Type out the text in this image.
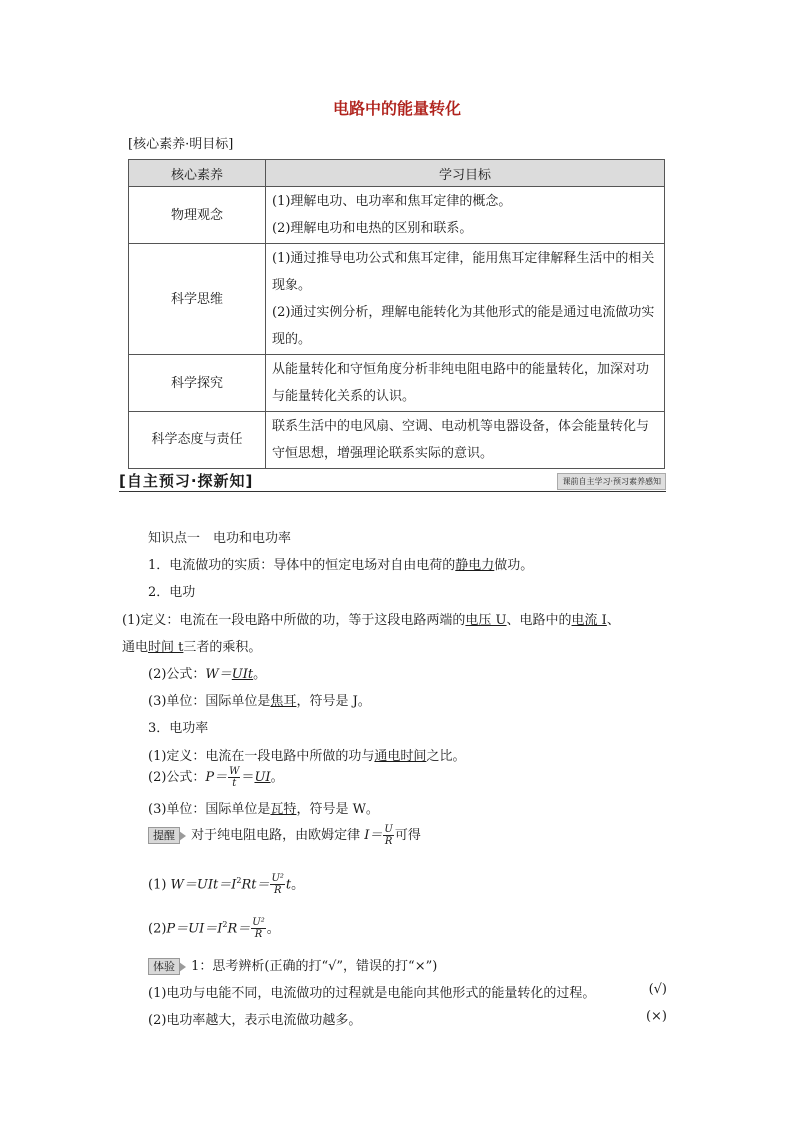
电路中的能量转化
[核心素养·明目标]
核心素养	学习目标
物理观念	(1)理解电功、电功率和焦耳定律的概念。
(2)理解电功和电热的区别和联系。

科学思维	(1)通过推导电功公式和焦耳定律，能用焦耳定律解释生活中的相关现象。
(2)通过实例分析，理解电能转化为其他形式的能是通过电流做功实现的。

科学探究	从能量转化和守恒角度分析非纯电阻电路中的能量转化，加深对功与能量转化关系的认识。

科学态度与责任	联系生活中的电风扇、空调、电动机等电器设备，体会能量转化与守恒思想，增强理论联系实际的意识。
[自主预习·探新知]	课前自主学习·预习素养感知
知识点一　电功和电功率
1．电流做功的实质：导体中的恒定电场对自由电荷的静电力做功。
2．电功
(1)定义：电流在一段电路中所做的功，等于这段电路两端的电压 U、电路中的电流 I、
通电时间 t三者的乘积。
(2)公式：W＝UIt。
(3)单位：国际单位是焦耳，符号是 J。
3．电功率
(1)定义：电流在一段电路中所做的功与通电时间之比。
(2)公式：$P= \frac{W}{t} =UI$。
(3)单位：国际单位是瓦特，符号是 W。
提醒 对于纯电阻电路，由欧姆定律 $I= \frac{U}{R}$ 可得
(1) $W=UIt=I^2Rt= \frac{\text{U²}}{R}$ t。
$(2)P=UI=I^2R= \frac{\text{U²}}{R}$ 。
体验 1：思考辨析(正确的打“√”，错误的打“×”)
(1)电功与电能不同，电流做功的过程就是电能向其他形式的能量转化的过程。	(√)
(2)电功率越大，表示电流做功越多。	(×)
